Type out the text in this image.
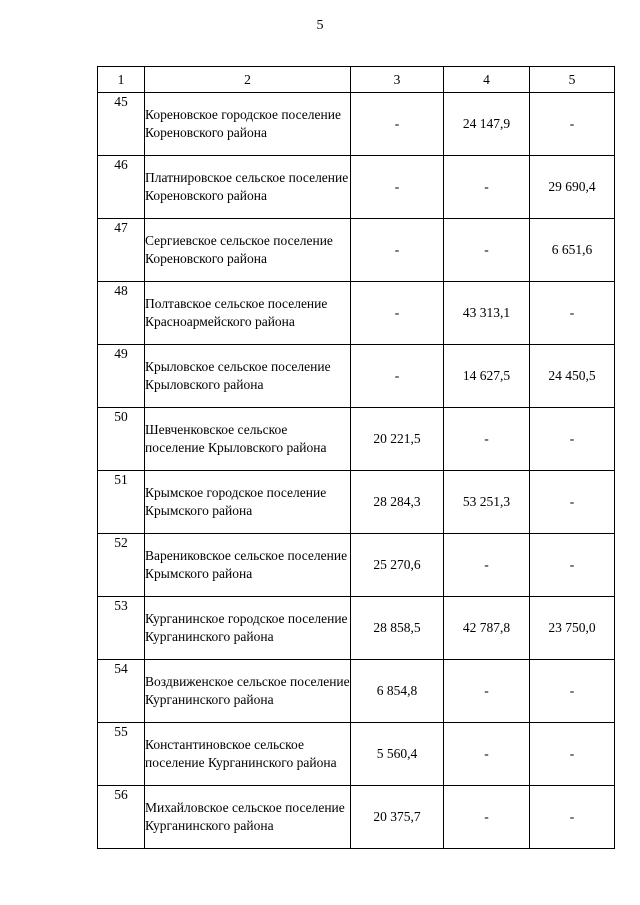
5
1	2	3	4	5
45	Кореновское городское поселение Кореновского района	-	24 147,9	-
46	Платнировское сельское поселение Кореновского района	-	-	29 690,4
47	Сергиевское сельское поселение Кореновского района	-	-	6 651,6
48	Полтавское сельское поселение Красноармейского района	-	43 313,1	-
49	Крыловское сельское поселение Крыловского района	-	14 627,5	24 450,5
50	Шевченковское сельское поселение Крыловского района	20 221,5	-	-
51	Крымское городское поселение Крымского района	28 284,3	53 251,3	-
52	Варениковское сельское поселение Крымского района	25 270,6	-	-
53	Курганинское городское поселение Курганинского района	28 858,5	42 787,8	23 750,0
54	Воздвиженское сельское поселение Курганинского района	6 854,8	-	-
55	Константиновское сельское поселение Курганинского района	5 560,4	-	-
56	Михайловское сельское поселение Курганинского района	20 375,7	-	-
